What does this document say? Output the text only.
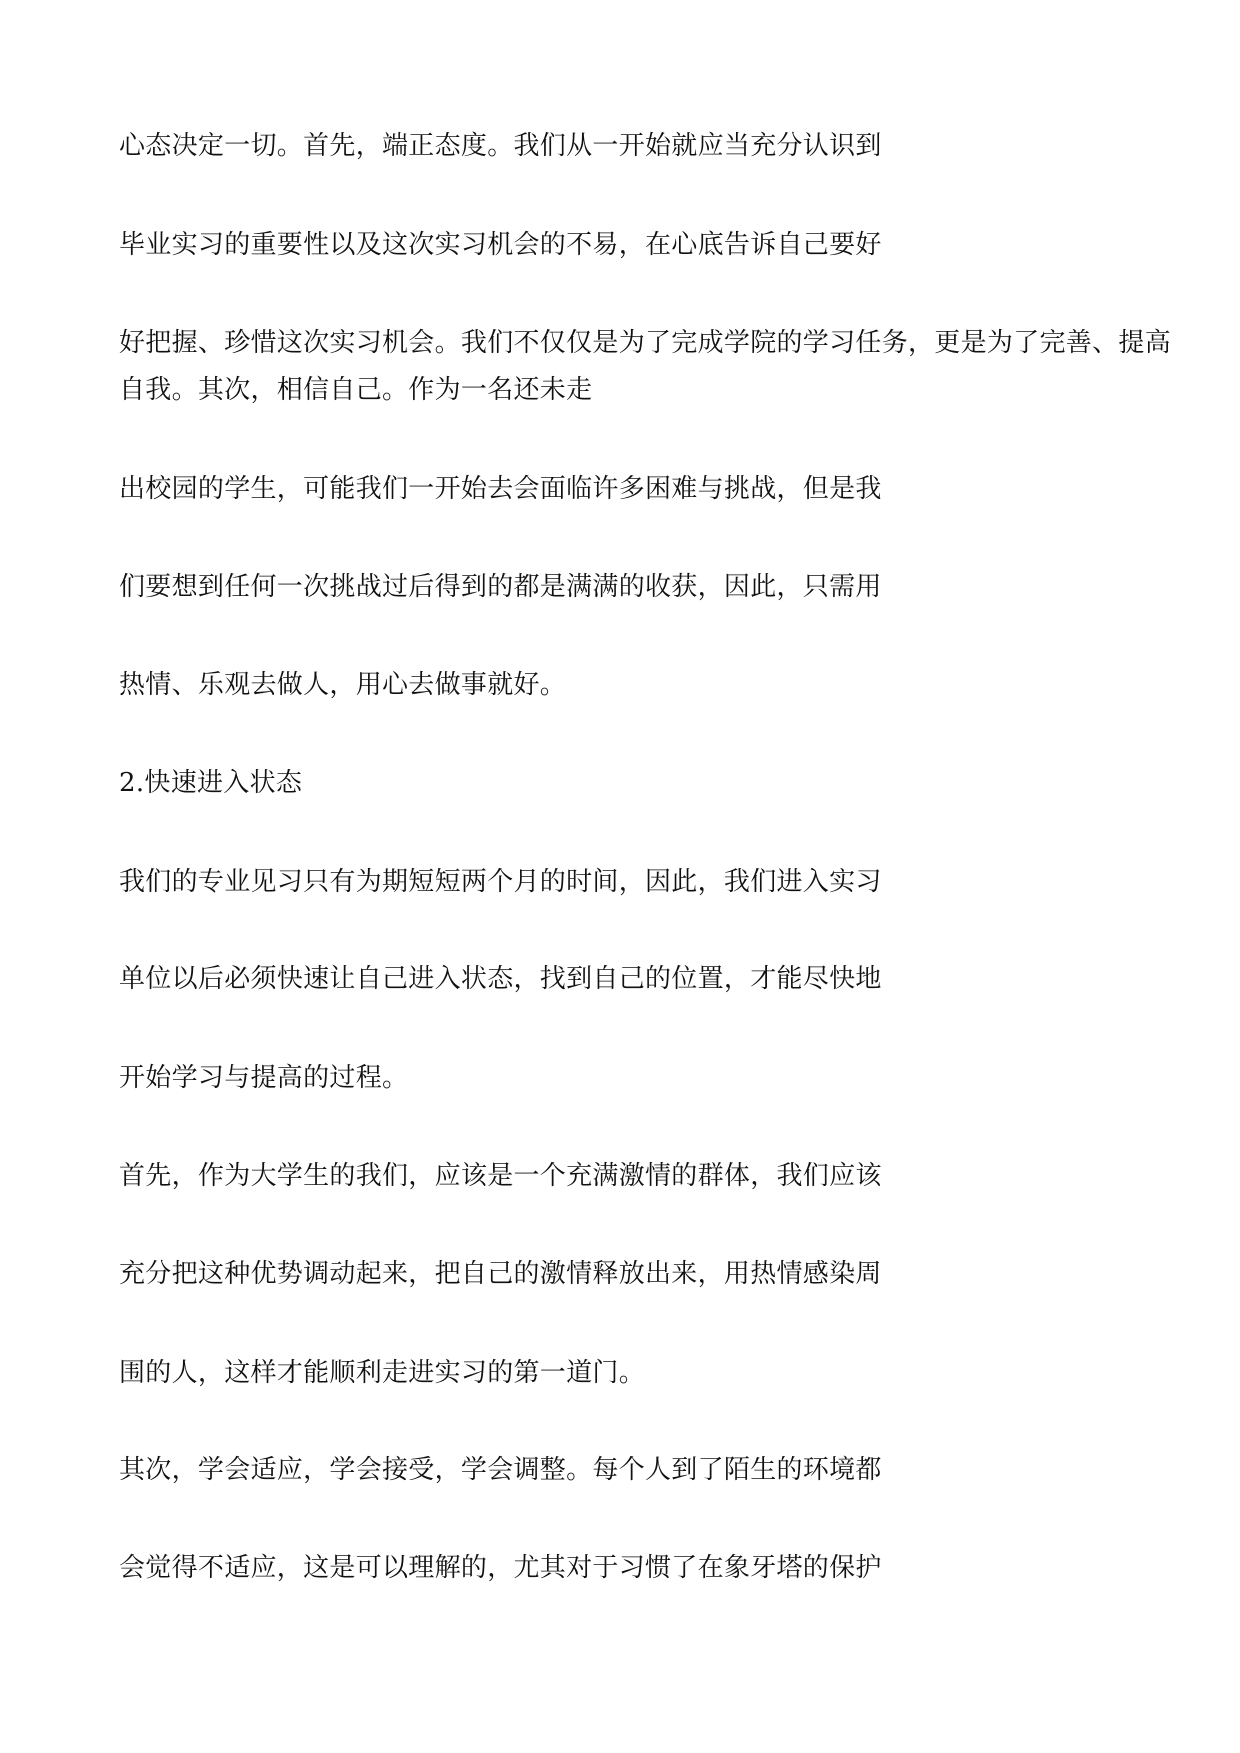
心态决定一切。首先，端正态度。我们从一开始就应当充分认识到

毕业实习的重要性以及这次实习机会的不易，在心底告诉自己要好

好把握、珍惜这次实习机会。我们不仅仅是为了完成学院的学习任务，更是为了完善、提高

自我。其次，相信自己。作为一名还未走

出校园的学生，可能我们一开始去会面临许多困难与挑战，但是我

们要想到任何一次挑战过后得到的都是满满的收获，因此，只需用

热情、乐观去做人，用心去做事就好。

2.快速进入状态

我们的专业见习只有为期短短两个月的时间，因此，我们进入实习

单位以后必须快速让自己进入状态，找到自己的位置，才能尽快地

开始学习与提高的过程。

首先，作为大学生的我们，应该是一个充满激情的群体，我们应该

充分把这种优势调动起来，把自己的激情释放出来，用热情感染周

围的人，这样才能顺利走进实习的第一道门。

其次，学会适应，学会接受，学会调整。每个人到了陌生的环境都

会觉得不适应，这是可以理解的，尤其对于习惯了在象牙塔的保护
